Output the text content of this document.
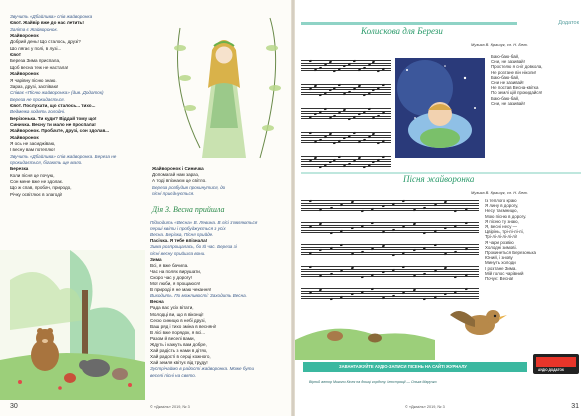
Звучить «Дбайлива» спів жайворонка
Євот. Жайвір вже до нас летить!
Заліта є Жайворонок.
Жайворонок
Добрий день! Що сталось, друзі?
Шо лягає у полі, в лузі...
Євот
Береза Зима приспала,
Щоб весна теж не настала!
Жайворонок
Я чарівну пісню знаю.
Зараз, друзі, заспіваю!
Співає «Пісню жайворонка» (див. Додаток)
Береза не прокидається.
Євот. Послухати, що сталось... тихо...
Ведмежа ходять голодні.
Берізонька. Ти куди? Віддай тому що!
Синичка. Весну ти мало не проспала!
Жайворонок. Пробачте, друзі, сон здолав...
Жайворонок
Я ось не засиджіваю,
І весну вам потеплю!
Звучить «Дбайлива» спів жайворонка. Береза не
прокидається, бігають ще мало.
Березка
Коли пісня це почую,
Сон мене вже не здолає.
Що ж спав, пробач, природо,
Річку освітлює в злагоді!
Жайворонок і Синичка
Допомагай нам зараз,
А тоді впізнаєм це світло.
Береза розбудив прокинутися, до
пісні приєднується.
Дія 3. Весна прийшла
Підходить «Весна» В. Левина. В лісі з'являються
перші квіти і пробуджується з усіх
Весна. Берізка, Пісня прийде.
Пасічка. Я тебе впізнала!
Зима розпрощалась, бо їй час. Береза зі
пісні весну прийшла вони.
Зима
Всі, я вже бачила.
Час на полях вирушати,
Скоро час у дорогу!
Мої люби, я прощаюся!
В природі я не маю чекання!
Виходить. По можливості: Заходить Весна.
Весна
Рада вас усіх вітати,
Молодці ви, що в віконці!
Сесю синицю в небі друзі,
Ваш ряд і тихо зміна в весняні!
В лісі вже порядок, я всі...
Разом й веселі вами,
Ждуть і кажуть вам добре,
Хай радість з нами в дітях,
Хай радості в серці кожного,
Хай земля квітує від труду!
Зустрічаймо в радості жайворонка. Може бути
веселі пісні на свято.
30	© «Джміль» 2019, № 3
Додаток
Колискова для Берези
Музика В. Крашук, сл. Н. Бель
Баю-баю-бай,
Сни, не зазивай!
Простелю я сніг довкола,
Не розтане він ніколи!
Баю-баю-бай,
Сни не зазивай!
Не постав Весна-квітка
По землі цій прокидайся!
Баю-баю-бай,
Сни, не зазивай!
Пісня жайворонка
Музика В. Крашук, сл. Н. Бель
Із теплого краю
Я лину в дорогу,
Несу таємницю,
Мою пісню в дорогу.
Я пісню ту знаю,
Я, весні несу —
Цвірінь, трі-лі-лі-лі,
Трі-лі-лі-лі-лі-лі!
Я чари розвію
Холодні зимові.
Прокинеться Березонька
Юний, і знову
Минуть холоди
І розтане Зима.
Мій голос чарівний
Почує: Весна!
ЗАВАНТАЖУЙТЕ АУДІО-ЗАПИСИ ПІСЕНЬ НА САЙТІ ЖУРНАЛУ
АУДІО ДОДАТОК
Вірний автор Миколи Кісля на дошці кордону. Ілюстрації — Ольга Маручко
31
© «Джміль» 2019, № 3
